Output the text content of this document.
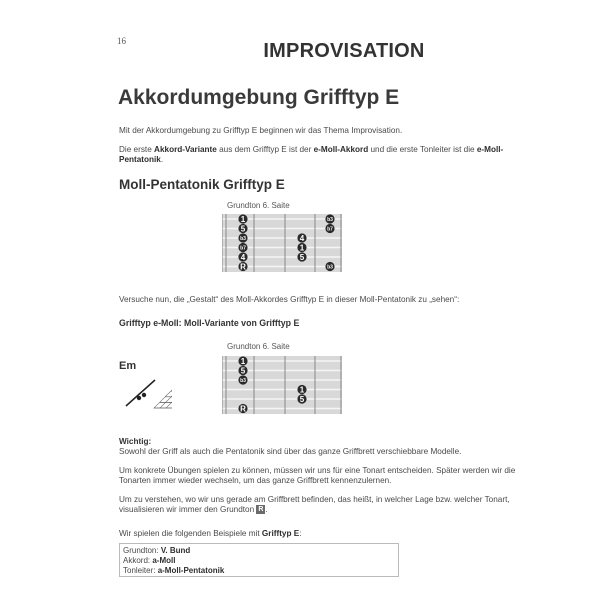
16	IMPROVISATION
Akkordumgebung Grifftyp E
Mit der Akkordumgebung zu Grifftyp E beginnen wir das Thema Improvisation.
Die erste Akkord-Variante aus dem Grifftyp E ist der e-Moll-Akkord und die erste Tonleiter ist die e-Moll-Pentatonik.
Moll-Pentatonik Grifftyp E
Grundton 6. Saite
1
5
b3
b7
4
R
4
1
5
b3
b7
b3
Versuche nun, die „Gestalt“ des Moll-Akkordes Grifftyp E in dieser Moll-Pentatonik zu „sehen“:
Grifftyp e-Moll: Moll-Variante von Grifftyp E
Grundton 6. Saite
Em	1
5
b3
R
1
5
Wichtig:
Sowohl der Griff als auch die Pentatonik sind über das ganze Griffbrett verschiebbare Modelle.
Um konkrete Übungen spielen zu können, müssen wir uns für eine Tonart entscheiden. Später werden wir die Tonarten immer wieder wechseln, um das ganze Griffbrett kennenzulernen.
Um zu verstehen, wo wir uns gerade am Griffbrett befinden, das heißt, in welcher Lage bzw. welcher Tonart, visualisieren wir immer den Grundton R .
Wir spielen die folgenden Beispiele mit Grifftyp E:
Grundton: V. Bund
Akkord: a-Moll
Tonleiter: a-Moll-Pentatonik
